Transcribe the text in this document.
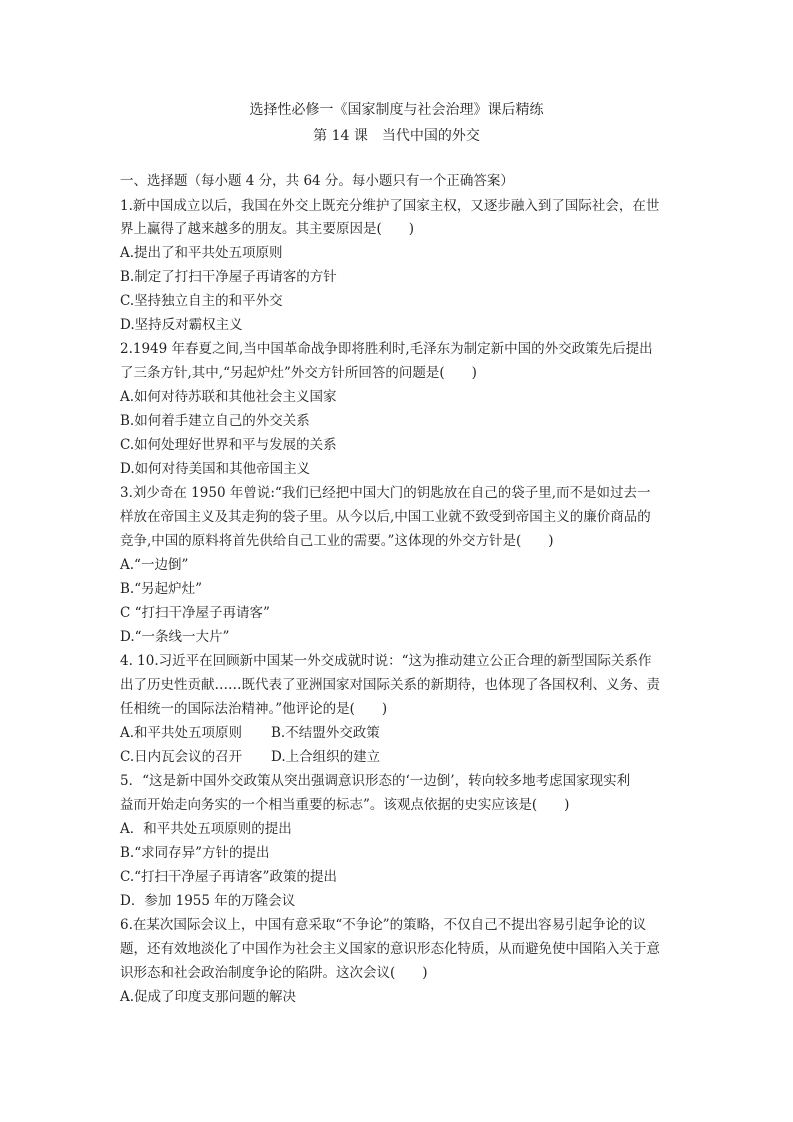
选择性必修一《国家制度与社会治理》课后精练
第 14 课　当代中国的外交
一、选择题（每小题 4 分，共 64 分。每小题只有一个正确答案）
1.新中国成立以后，我国在外交上既充分维护了国家主权，又逐步融入到了国际社会，在世
界上赢得了越来越多的朋友。其主要原因是(　　)
A.提出了和平共处五项原则
B.制定了打扫干净屋子再请客的方针
C.坚持独立自主的和平外交
D.坚持反对霸权主义
2.1949 年春夏之间,当中国革命战争即将胜利时,毛泽东为制定新中国的外交政策先后提出
了三条方针,其中,“另起炉灶”外交方针所回答的问题是(　　)
A.如何对待苏联和其他社会主义国家
B.如何着手建立自己的外交关系
C.如何处理好世界和平与发展的关系
D.如何对待美国和其他帝国主义
3.刘少奇在 1950 年曾说:“我们已经把中国大门的钥匙放在自己的袋子里,而不是如过去一
样放在帝国主义及其走狗的袋子里。从今以后,中国工业就不致受到帝国主义的廉价商品的
竞争,中国的原料将首先供给自己工业的需要。”这体现的外交方针是(　　)
A.“一边倒”
B.“另起炉灶”
C “打扫干净屋子再请客”
D.“一条线一大片”
4. 10.习近平在回顾新中国某一外交成就时说：“这为推动建立公正合理的新型国际关系作
出了历史性贡献……既代表了亚洲国家对国际关系的新期待，也体现了各国权利、义务、责
任相统一的国际法治精神。”他评论的是(　　)
A.和平共处五项原则 B.不结盟外交政策
C.日内瓦会议的召开 D.上合组织的建立
5．“这是新中国外交政策从突出强调意识形态的‘一边倒’，转向较多地考虑国家现实利
益而开始走向务实的一个相当重要的标志”。该观点依据的史实应该是(　　)
A．和平共处五项原则的提出
B.“求同存异”方针的提出
C.“打扫干净屋子再请客”政策的提出
D．参加 1955 年的万隆会议
6.在某次国际会议上，中国有意采取“不争论”的策略，不仅自己不提出容易引起争论的议
题，还有效地淡化了中国作为社会主义国家的意识形态化特质，从而避免使中国陷入关于意
识形态和社会政治制度争论的陷阱。这次会议(　　)
A.促成了印度支那问题的解决
